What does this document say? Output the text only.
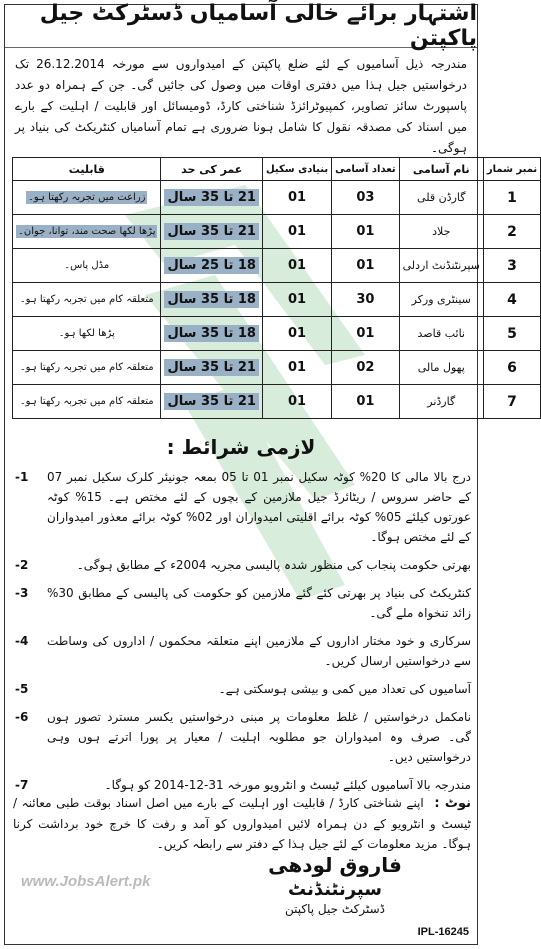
اشتہار برائے خالی آسامیاں ڈسٹرکٹ جیل پاکپتن
مندرجہ ذیل آسامیوں کے لئے ضلع پاکپتن کے امیدواروں سے مورخہ 26.12.2014 تک درخواستیں جیل ہذا میں دفتری اوقات میں وصول کی جائیں گی۔ جن کے ہمراہ دو عدد پاسپورٹ سائز تصاویر، کمپیوٹرائزڈ شناختی کارڈ، ڈومیسائل اور قابلیت / اہلیت کے بارے میں اسناد کی مصدقہ نقول کا شامل ہونا ضروری ہے تمام آسامیاں کنٹریکٹ کی بنیاد پر ہوگی۔
نمبر شمار	نام آسامی	تعداد آسامی	بنیادی سکیل	عمر کی حد	قابلیت
1	گارڈن قلی	03	01	21 تا 35 سال	زراعت میں تجربہ رکھتا ہو۔
2	جلاد	01	01	21 تا 35 سال	پڑھا لکھا صحت مند، توانا، جوان۔
3	سپرنٹنڈنٹ اردلی	01	01	18 تا 25 سال	مڈل پاس۔
4	سینٹری ورکر	30	01	18 تا 35 سال	متعلقہ کام میں تجربہ رکھتا ہو۔
5	نائب قاصد	01	01	18 تا 35 سال	پڑھا لکھا ہو۔
6	پھول مالی	02	01	21 تا 35 سال	متعلقہ کام میں تجربہ رکھتا ہو۔
7	گارڈنر	01	01	21 تا 35 سال	متعلقہ کام میں تجربہ رکھتا ہو۔
لازمی شرائط :
درج بالا مالی کا 20% کوٹہ سکیل نمبر 01 تا 05 بمعہ جونیئر کلرک سکیل نمبر 07 کے حاضر سروس / ریٹائرڈ جیل ملازمین کے بچوں کے لئے مختص ہے۔ 15% کوٹہ عورتوں کیلئے 05% کوٹہ برائے اقلیتی امیدواران اور 02% کوٹہ برائے معذور امیدواران کے لئے مختص ہوگا۔
-1
بھرتی حکومت پنجاب کی منظور شدہ پالیسی مجریہ 2004ء کے مطابق ہوگی۔
-2
کنٹریکٹ کی بنیاد پر بھرتی کئے گئے ملازمین کو حکومت کی پالیسی کے مطابق 30% زائد تنخواہ ملے گی۔
-3
سرکاری و خود مختار اداروں کے ملازمین اپنے متعلقہ محکموں / اداروں کی وساطت سے درخواستیں ارسال کریں۔
-4
آسامیوں کی تعداد میں کمی و بیشی ہوسکتی ہے۔
-5
نامکمل درخواستیں / غلط معلومات پر مبنی درخواستیں یکسر مسترد تصور ہوں گی۔ صرف وہ امیدواران جو مطلوبہ اہلیت / معیار پر پورا اترتے ہوں وہی درخواستیں دیں۔
-6
مندرجہ بالا آسامیوں کیلئے ٹیسٹ و انٹرویو مورخہ 31-12-2014 کو ہوگا۔
-7
نوٹ : اپنے شناختی کارڈ / قابلیت اور اہلیت کے بارے میں اصل اسناد بوقت طبی معائنہ / ٹیسٹ و انٹرویو کے دن ہمراہ لائیں امیدواروں کو آمد و رفت کا خرچ خود برداشت کرنا ہوگا۔ مزید معلومات کے لئے جیل ہذا کے دفتر سے رابطہ کریں۔
www.JobsAlert.pk
فاروق لودھی
سپرنٹنڈنٹ
ڈسٹرکٹ جیل پاکپتن
IPL-16245
